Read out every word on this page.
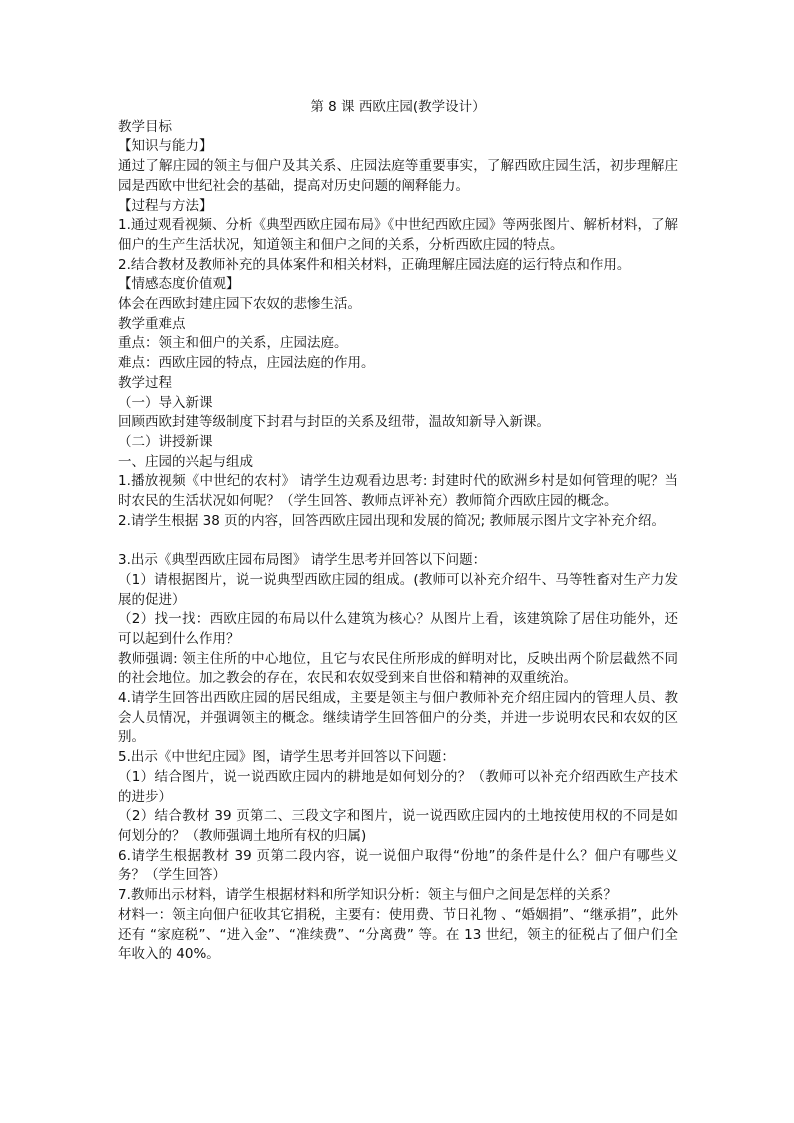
第 8 课 西欧庄园(教学设计）
教学目标
【知识与能力】
通过了解庄园的领主与佃户及其关系、庄园法庭等重要事实，了解西欧庄园生活，初步理解庄园是西欧中世纪社会的基础，提高对历史问题的阐释能力。
【过程与方法】
1.通过观看视频、分析《典型西欧庄园布局》《中世纪西欧庄园》等两张图片、解析材料，了解佃户的生产生活状况，知道领主和佃户之间的关系，分析西欧庄园的特点。
2.结合教材及教师补充的具体案件和相关材料，正确理解庄园法庭的运行特点和作用。
【情感态度价值观】
体会在西欧封建庄园下农奴的悲惨生活。
教学重难点
重点：领主和佃户的关系，庄园法庭。
难点：西欧庄园的特点，庄园法庭的作用。
教学过程
（一）导入新课
回顾西欧封建等级制度下封君与封臣的关系及纽带，温故知新导入新课。
（二）讲授新课
一、庄园的兴起与组成
1.播放视频《中世纪的农村》 请学生边观看边思考: 封建时代的欧洲乡村是如何管理的呢？当时农民的生活状况如何呢？（学生回答、教师点评补充）教师简介西欧庄园的概念。
2.请学生根据 38 页的内容，回答西欧庄园出现和发展的简况; 教师展示图片文字补充介绍。
3.出示《典型西欧庄园布局图》 请学生思考并回答以下问题：
（1）请根据图片，说一说典型西欧庄园的组成。(教师可以补充介绍牛、马等牲畜对生产力发展的促进）
（2）找一找：西欧庄园的布局以什么建筑为核心？从图片上看，该建筑除了居住功能外，还可以起到什么作用？
教师强调: 领主住所的中心地位，且它与农民住所形成的鲜明对比，反映出两个阶层截然不同的社会地位。加之教会的存在，农民和农奴受到来自世俗和精神的双重统治。
4.请学生回答出西欧庄园的居民组成，主要是领主与佃户教师补充介绍庄园内的管理人员、教会人员情况，并强调领主的概念。继续请学生回答佃户的分类，并进一步说明农民和农奴的区别。
5.出示《中世纪庄园》图，请学生思考并回答以下问题：
（1）结合图片，说一说西欧庄园内的耕地是如何划分的？（教师可以补充介绍西欧生产技术的进步）
（2）结合教材 39 页第二、三段文字和图片，说一说西欧庄园内的土地按使用权的不同是如何划分的？（教师强调土地所有权的归属)
6.请学生根据教材 39 页第二段内容，说一说佃户取得“份地”的条件是什么？佃户有哪些义务？（学生回答）
7.教师出示材料，请学生根据材料和所学知识分析：领主与佃户之间是怎样的关系？
材料一：领主向佃户征收其它捐税，主要有：使用费、节日礼物 、“婚姻捐”、“继承捐”，此外还有 “家庭税”、“进入金”、“准续费”、“分离费” 等。在 13 世纪，领主的征税占了佃户们全年收入的 40%。
